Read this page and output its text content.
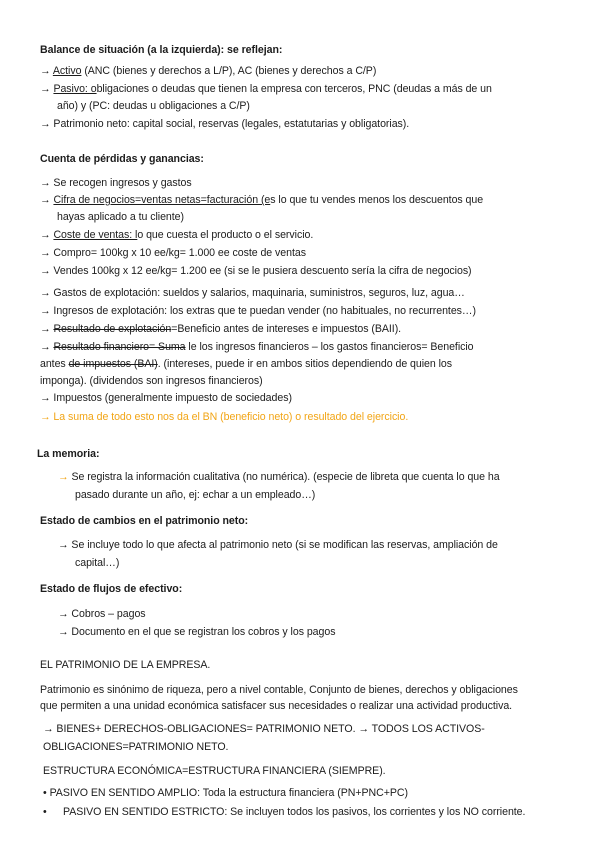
Balance de situación (a la izquierda): se reflejan:
→ Activo (ANC (bienes y derechos a L/P), AC (bienes y derechos a C/P)
→ Pasivo: obligaciones o deudas que tienen la empresa con terceros, PNC (deudas a más de un
año) y (PC: deudas u obligaciones a C/P)
→ Patrimonio neto: capital social, reservas (legales, estatutarias y obligatorias).
Cuenta de pérdidas y ganancias:
→ Se recogen ingresos y gastos
→ Cifra de negocios=ventas netas=facturación (es lo que tu vendes menos los descuentos que
hayas aplicado a tu cliente)
→ Coste de ventas: lo que cuesta el producto o el servicio.
→ Compro= 100kg x 10 ee/kg= 1.000 ee coste de ventas
→ Vendes 100kg x 12 ee/kg= 1.200 ee (si se le pusiera descuento sería la cifra de negocios)
→ Gastos de explotación: sueldos y salarios, maquinaria, suministros, seguros, luz, agua…
→ Ingresos de explotación: los extras que te puedan vender (no habituales, no recurrentes…)
→ Resultado de explotación=Beneficio antes de intereses e impuestos (BAII).
→ Resultado financiero= Suma le los ingresos financieros – los gastos financieros= Beneficio
antes de impuestos (BAI). (intereses, puede ir en ambos sitios dependiendo de quien los
imponga). (dividendos son ingresos financieros)
→ Impuestos (generalmente impuesto de sociedades)
→ La suma de todo esto nos da el BN (beneficio neto) o resultado del ejercicio.
La memoria:
→ Se registra la información cualitativa (no numérica). (especie de libreta que cuenta lo que ha
pasado durante un año, ej: echar a un empleado…)
Estado de cambios en el patrimonio neto:
→ Se incluye todo lo que afecta al patrimonio neto (si se modifican las reservas, ampliación de
capital…)
Estado de flujos de efectivo:
→ Cobros – pagos
→ Documento en el que se registran los cobros y los pagos
EL PATRIMONIO DE LA EMPRESA.
Patrimonio es sinónimo de riqueza, pero a nivel contable, Conjunto de bienes, derechos y obligaciones
que permiten a una unidad económica satisfacer sus necesidades o realizar una actividad productiva.
→ BIENES+ DERECHOS-OBLIGACIONES= PATRIMONIO NETO. → TODOS LOS ACTIVOS-
OBLIGACIONES=PATRIMONIO NETO.
ESTRUCTURA ECONÓMICA=ESTRUCTURA FINANCIERA (SIEMPRE).
• PASIVO EN SENTIDO AMPLIO: Toda la estructura financiera (PN+PNC+PC)
• PASIVO EN SENTIDO ESTRICTO: Se incluyen todos los pasivos, los corrientes y los NO corriente.
